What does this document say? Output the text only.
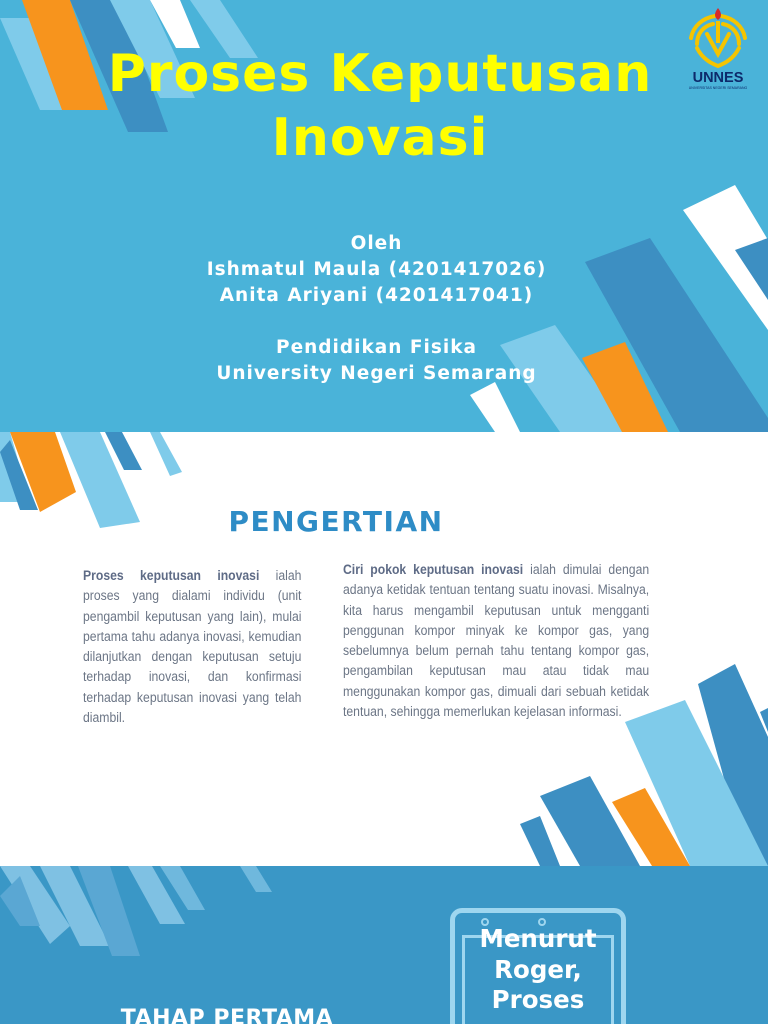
Proses Keputusan
Inovasi
Oleh
Ishmatul Maula (4201417026)
Anita Ariyani (4201417041)
Pendidikan Fisika
University Negeri Semarang
UNNES
UNIVERSITAS NEGERI SEMARANG
PENGERTIAN
Proses keputusan inovasi ialah proses yang dialami individu (unit pengambil keputusan yang lain), mulai pertama tahu adanya inovasi, kemudian dilanjutkan dengan keputusan setuju terhadap inovasi, dan konfirmasi terhadap keputusan inovasi yang telah diambil.
Ciri pokok keputusan inovasi ialah dimulai dengan adanya ketidak tentuan tentang suatu inovasi. Misalnya, kita harus mengambil keputusan untuk mengganti penggunan kompor minyak ke kompor gas, yang sebelumnya belum pernah tahu tentang kompor gas, pengambilan keputusan mau atau tidak mau menggunakan kompor gas, dimuali dari sebuah ketidak tentuan, sehingga memerlukan kejelasan informasi.
Menurut
Roger,
Proses
TAHAP PERTAMA
